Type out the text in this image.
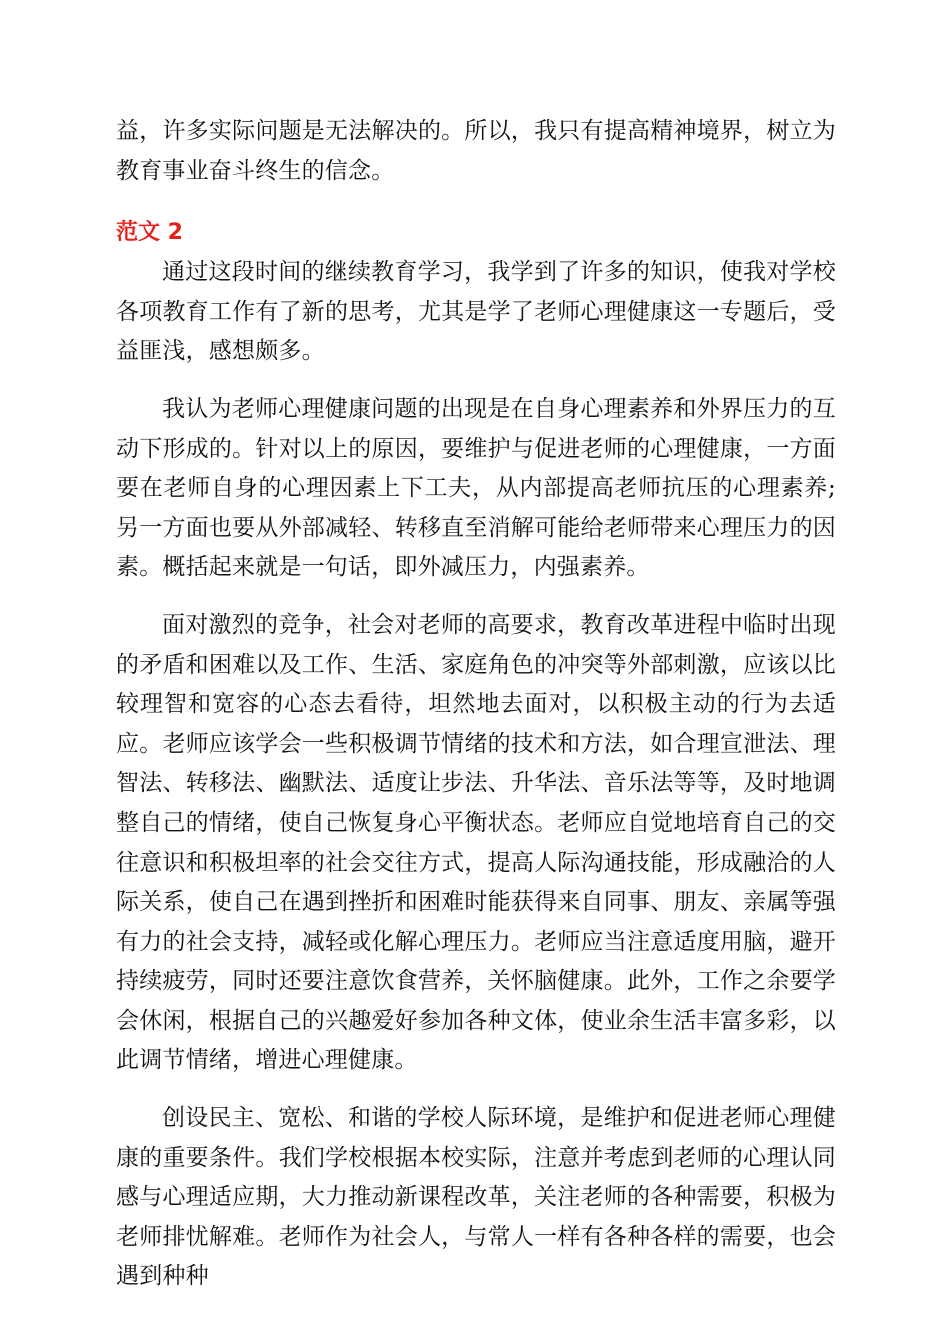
益，许多实际问题是无法解决的。所以，我只有提高精神境界，树立为教育事业奋斗终生的信念。

范文 2

通过这段时间的继续教育学习，我学到了许多的知识，使我对学校各项教育工作有了新的思考，尤其是学了老师心理健康这一专题后，受益匪浅，感想颇多。

我认为老师心理健康问题的出现是在自身心理素养和外界压力的互动下形成的。针对以上的原因，要维护与促进老师的心理健康，一方面要在老师自身的心理因素上下工夫，从内部提高老师抗压的心理素养;另一方面也要从外部减轻、转移直至消解可能给老师带来心理压力的因素。概括起来就是一句话，即外减压力，内强素养。

面对激烈的竞争，社会对老师的高要求，教育改革进程中临时出现的矛盾和困难以及工作、生活、家庭角色的冲突等外部刺激，应该以比较理智和宽容的心态去看待，坦然地去面对，以积极主动的行为去适应。老师应该学会一些积极调节情绪的技术和方法，如合理宣泄法、理智法、转移法、幽默法、适度让步法、升华法、音乐法等等，及时地调整自己的情绪，使自己恢复身心平衡状态。老师应自觉地培育自己的交往意识和积极坦率的社会交往方式，提高人际沟通技能，形成融洽的人际关系，使自己在遇到挫折和困难时能获得来自同事、朋友、亲属等强有力的社会支持，减轻或化解心理压力。老师应当注意适度用脑，避开持续疲劳，同时还要注意饮食营养，关怀脑健康。此外，工作之余要学会休闲，根据自己的兴趣爱好参加各种文体，使业余生活丰富多彩，以此调节情绪，增进心理健康。

创设民主、宽松、和谐的学校人际环境，是维护和促进老师心理健康的重要条件。我们学校根据本校实际，注意并考虑到老师的心理认同感与心理适应期，大力推动新课程改革，关注老师的各种需要，积极为老师排忧解难。老师作为社会人，与常人一样有各种各样的需要，也会遇到种种
